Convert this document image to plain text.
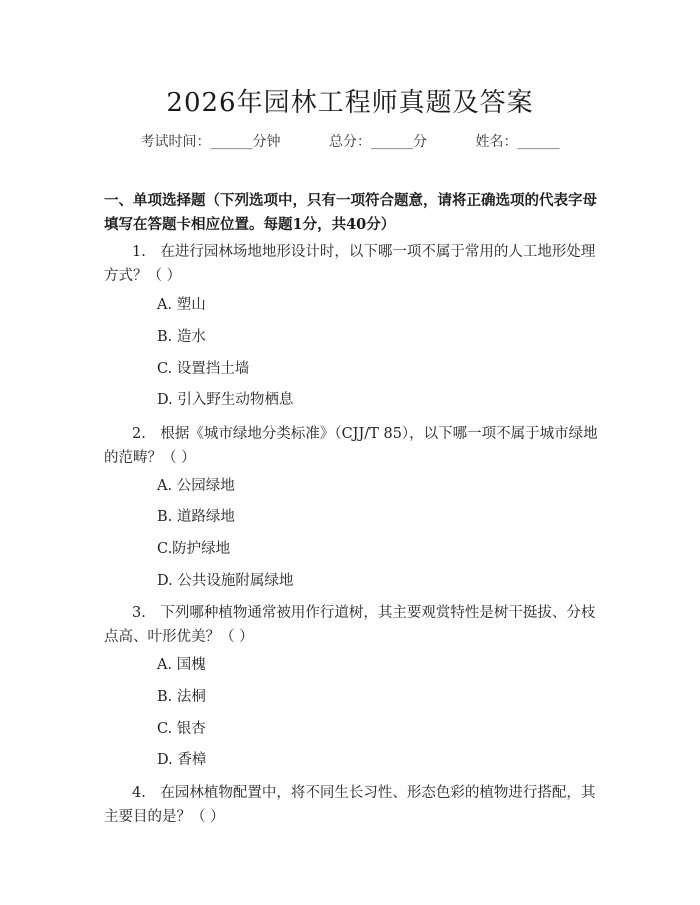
2026年园林工程师真题及答案
考试时间：______分钟	总分：______分	姓名：______
一、单项选择题（下列选项中，只有一项符合题意，请将正确选项的代表字母填写在答题卡相应位置。每题1分，共40分）
1.　在进行园林场地地形设计时，以下哪一项不属于常用的人工地形处理方式？（ ）
A. 塑山
B. 造水
C. 设置挡土墙
D. 引入野生动物栖息
2.　根据《城市绿地分类标准》（CJJ/T 85），以下哪一项不属于城市绿地的范畴？（ ）
A. 公园绿地
B. 道路绿地
C.防护绿地
D. 公共设施附属绿地
3.　下列哪种植物通常被用作行道树，其主要观赏特性是树干挺拔、分枝点高、叶形优美？（ ）
A. 国槐
B. 法桐
C. 银杏
D. 香樟
4.　在园林植物配置中，将不同生长习性、形态色彩的植物进行搭配，其主要目的是？（ ）
